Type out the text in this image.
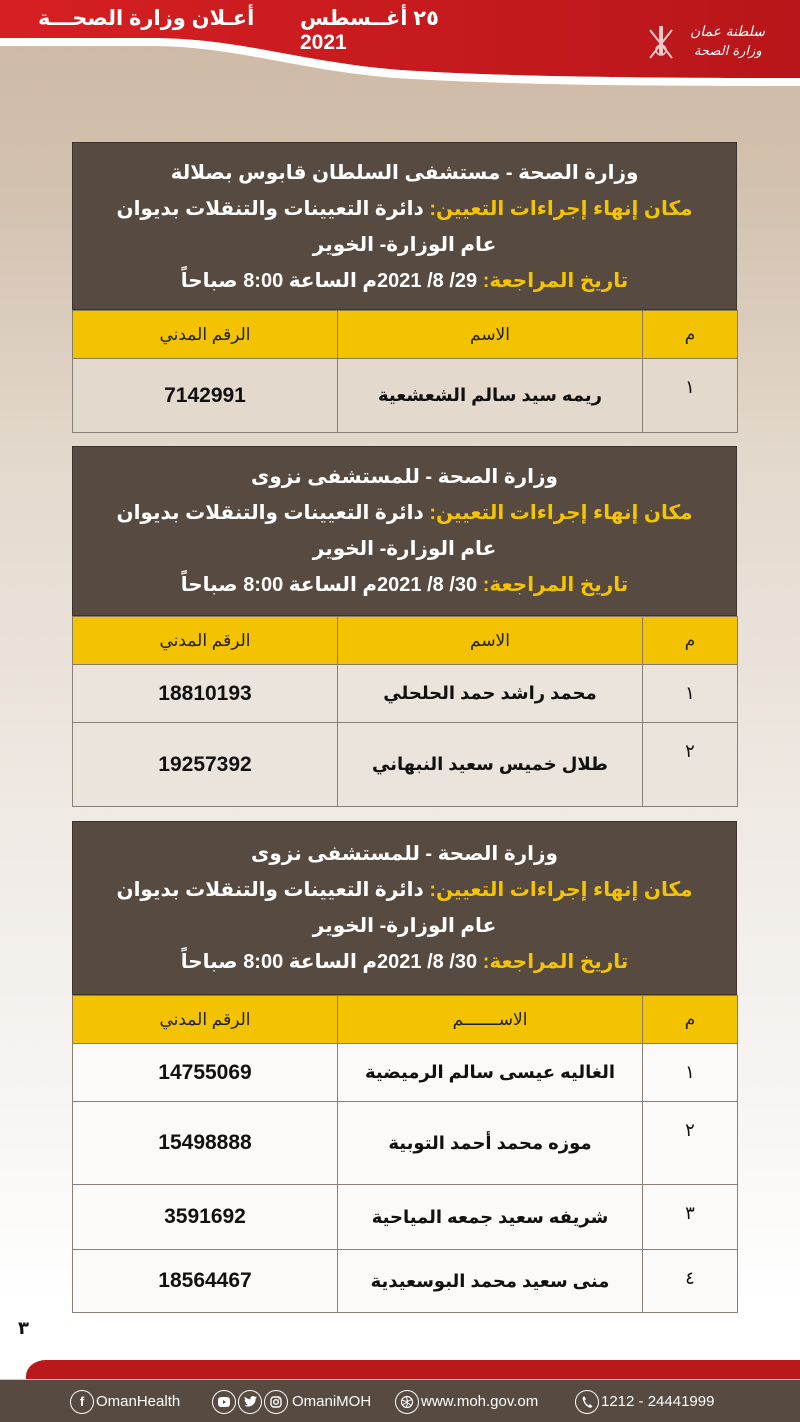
أعـلان وزارة الصحـــة ٢٥ أغــسطس 2021	سلطنة عمان
وزارة الصحة
وزارة الصحة - مستشفى السلطان قابوس بصلالة
مكان إنهاء إجراءات التعيين: دائرة التعيينات والتنقلات بديوان عام الوزارة- الخوير
تاريخ المراجعة: 29/ 8/ 2021م الساعة 8:00 صباحاً
م	الاسم	الرقم المدني
١	ريمه سيد سالم الشعشعية	7142991
وزارة الصحة - للمستشفى نزوى
مكان إنهاء إجراءات التعيين: دائرة التعيينات والتنقلات بديوان عام الوزارة- الخوير
تاريخ المراجعة: 30/ 8/ 2021م الساعة 8:00 صباحاً
م	الاسم	الرقم المدني
١	محمد راشد حمد الحلحلي	18810193
٢	طلال خميس سعيد النبهاني	19257392
وزارة الصحة - للمستشفى نزوى
مكان إنهاء إجراءات التعيين: دائرة التعيينات والتنقلات بديوان عام الوزارة- الخوير
تاريخ المراجعة: 30/ 8/ 2021م الساعة 8:00 صباحاً
م	الاســـــــم	الرقم المدني
١	الغاليه عيسى سالم الرميضية	14755069
٢	موزه محمد أحمد التوبية	15498888
٣	شريفه سعيد جمعه المياحية	3591692
٤	منى سعيد محمد البوسعيدية	18564467
٣
f OmanHealth	OmaniMOH	www.moh.gov.om	1212 - 24441999
